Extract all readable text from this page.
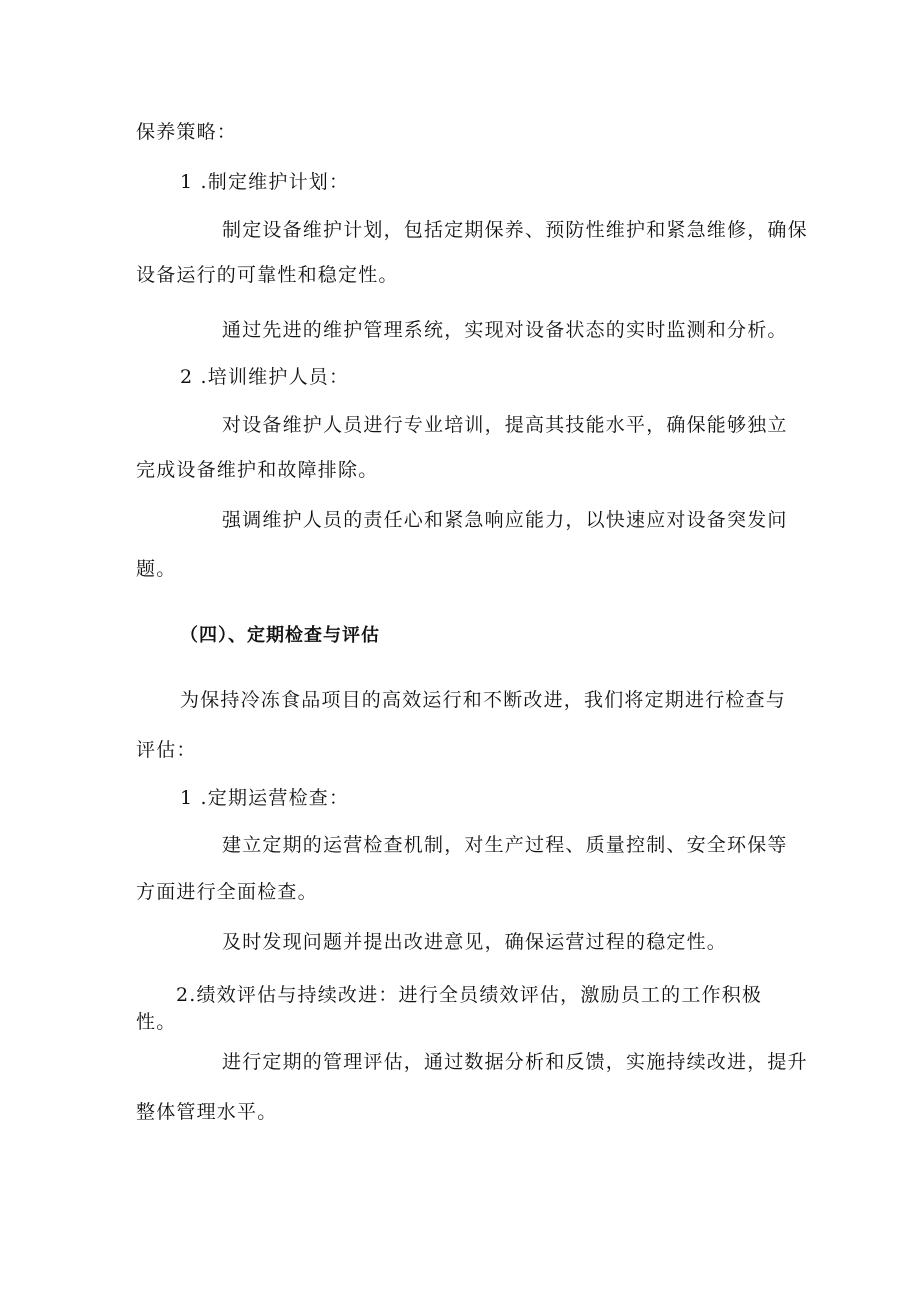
保养策略：
1 .制定维护计划：
制定设备维护计划，包括定期保养、预防性维护和紧急维修，确保
设备运行的可靠性和稳定性。
通过先进的维护管理系统，实现对设备状态的实时监测和分析。
2 .培训维护人员：
对设备维护人员进行专业培训，提高其技能水平，确保能够独立
完成设备维护和故障排除。
强调维护人员的责任心和紧急响应能力，以快速应对设备突发问
题。
（四）、定期检查与评估
为保持冷冻食品项目的高效运行和不断改进，我们将定期进行检查与
评估：
1 .定期运营检查：
建立定期的运营检查机制，对生产过程、质量控制、安全环保等
方面进行全面检查。
及时发现问题并提出改进意见，确保运营过程的稳定性。
2.绩效评估与持续改进：进行全员绩效评估，激励员工的工作积极
性。
进行定期的管理评估，通过数据分析和反馈，实施持续改进，提升
整体管理水平。
